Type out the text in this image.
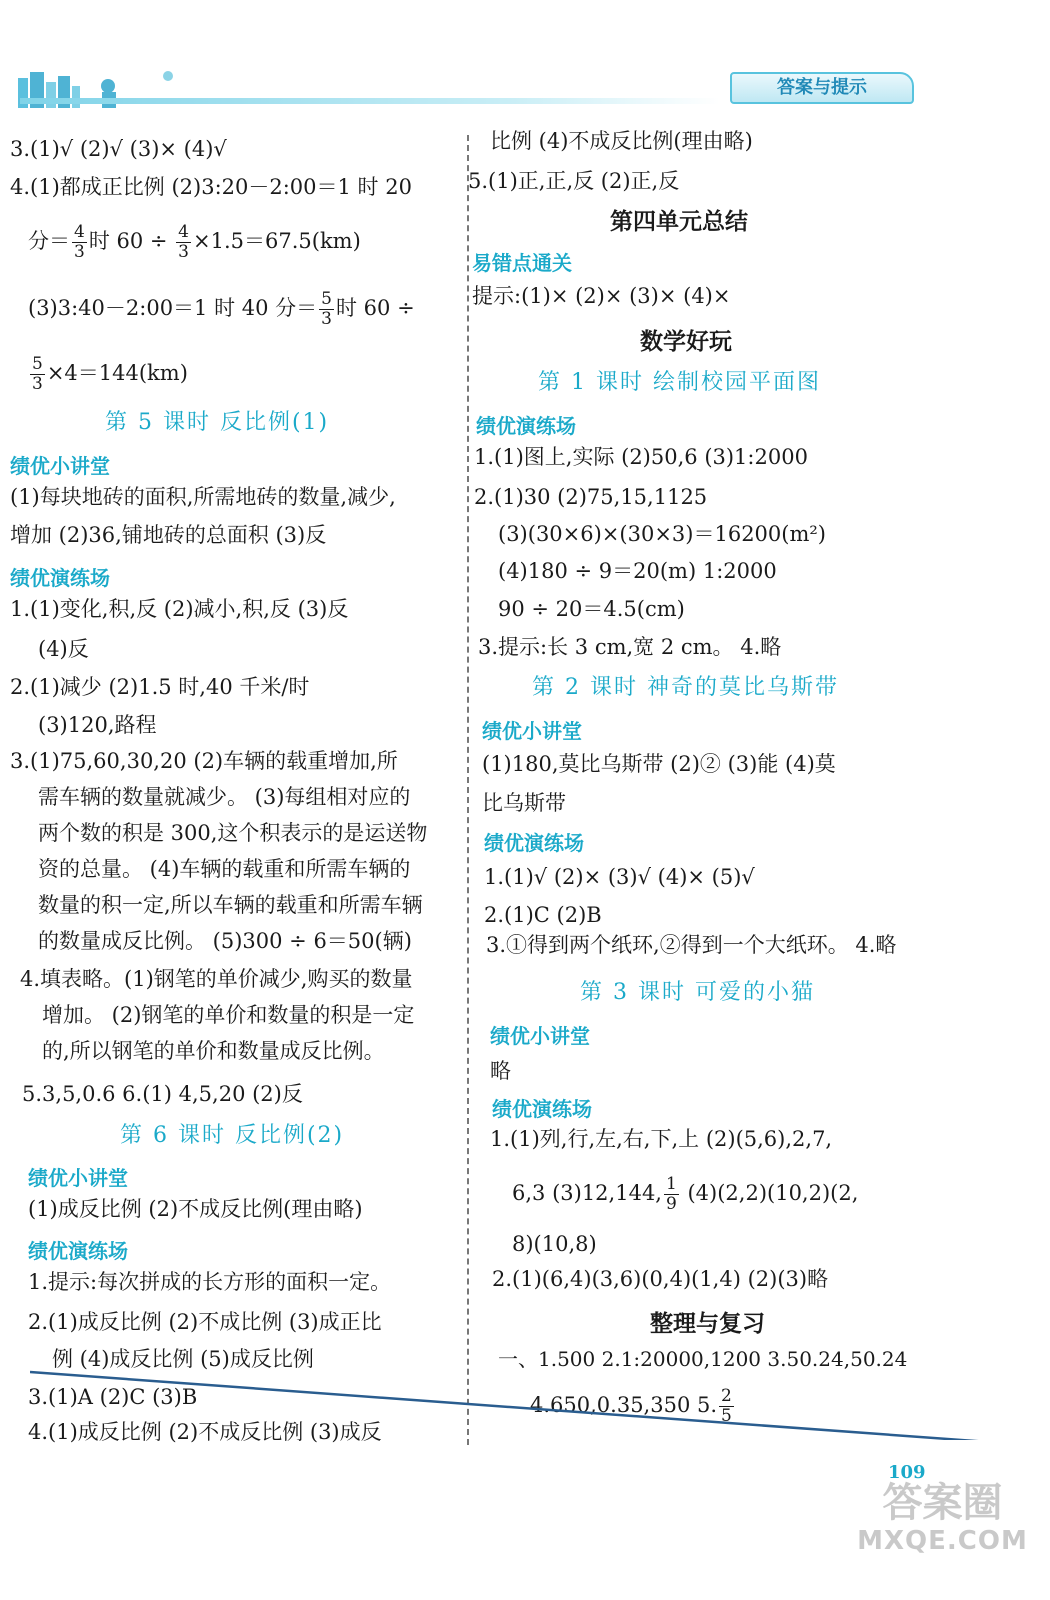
答案与提示
3.(1)√ (2)√ (3)× (4)√
4.(1)都成正比例 (2)3:20－2:00＝1 时 20
分＝ $\frac{4}{3}$ 时 $60 \div \frac{4}{3} \times 1.5=67.5(km)$
(3)3:40－2:00＝1 时 40 分＝ $\frac{5}{3}$ 时 60 ÷
$\frac{5}{3} \times 4=144(km)$
第 5 课时 反比例(1)
绩优小讲堂
(1)每块地砖的面积,所需地砖的数量,减少,
增加 (2)36,铺地砖的总面积 (3)反
绩优演练场
1.(1)变化,积,反 (2)减小,积,反 (3)反
(4)反
2.(1)减少 (2)1.5 时,40 千米/时
(3)120,路程
3.(1)75,60,30,20 (2)车辆的载重增加,所
需车辆的数量就减少。 (3)每组相对应的
两个数的积是 300,这个积表示的是运送物
资的总量。 (4)车辆的载重和所需车辆的
数量的积一定,所以车辆的载重和所需车辆
的数量成反比例。 (5)300 ÷ 6＝50(辆)
4.填表略。(1)钢笔的单价减少,购买的数量
增加。 (2)钢笔的单价和数量的积是一定
的,所以钢笔的单价和数量成反比例。
5.3,5,0.6 6.(1) 4,5,20 (2)反
第 6 课时 反比例(2)
绩优小讲堂
(1)成反比例 (2)不成反比例(理由略)
绩优演练场
1.提示:每次拼成的长方形的面积一定。
2.(1)成反比例 (2)不成比例 (3)成正比
例 (4)成反比例 (5)成反比例
3.(1)A (2)C (3)B
4.(1)成反比例 (2)不成反比例 (3)成反
比例 (4)不成反比例(理由略)
5.(1)正,正,反 (2)正,反
第四单元总结
易错点通关
提示:(1)× (2)× (3)× (4)×
数学好玩
第 1 课时 绘制校园平面图
绩优演练场
1.(1)图上,实际 (2)50,6 (3)1:2000
2.(1)30 (2)75,15,1125
(3)(30×6)×(30×3)＝16200(m²)
(4)180 ÷ 9＝20(m) 1:2000
90 ÷ 20＝4.5(cm)
3.提示:长 3 cm,宽 2 cm。 4.略
第 2 课时 神奇的莫比乌斯带
绩优小讲堂
(1)180,莫比乌斯带 (2)② (3)能 (4)莫
比乌斯带
绩优演练场
1.(1)√ (2)× (3)√ (4)× (5)√
2.(1)C (2)B
3.①得到两个纸环,②得到一个大纸环。 4.略
第 3 课时 可爱的小猫
绩优小讲堂
略
绩优演练场
1.(1)列,行,左,右,下,上 (2)(5,6),2,7,
6,3 (3)12,144, $\frac{1}{9} (4)(2,2)(10,2)(2$,
8)(10,8)
2.(1)(6,4)(3,6)(0,4)(1,4) (2)(3)略
整理与复习
一、1.500 2.1:20000,1200 3.50.24,50.24
4.650,0.35,350 5. $\frac{2}{5}$
109
答案圈
MXQE.COM
